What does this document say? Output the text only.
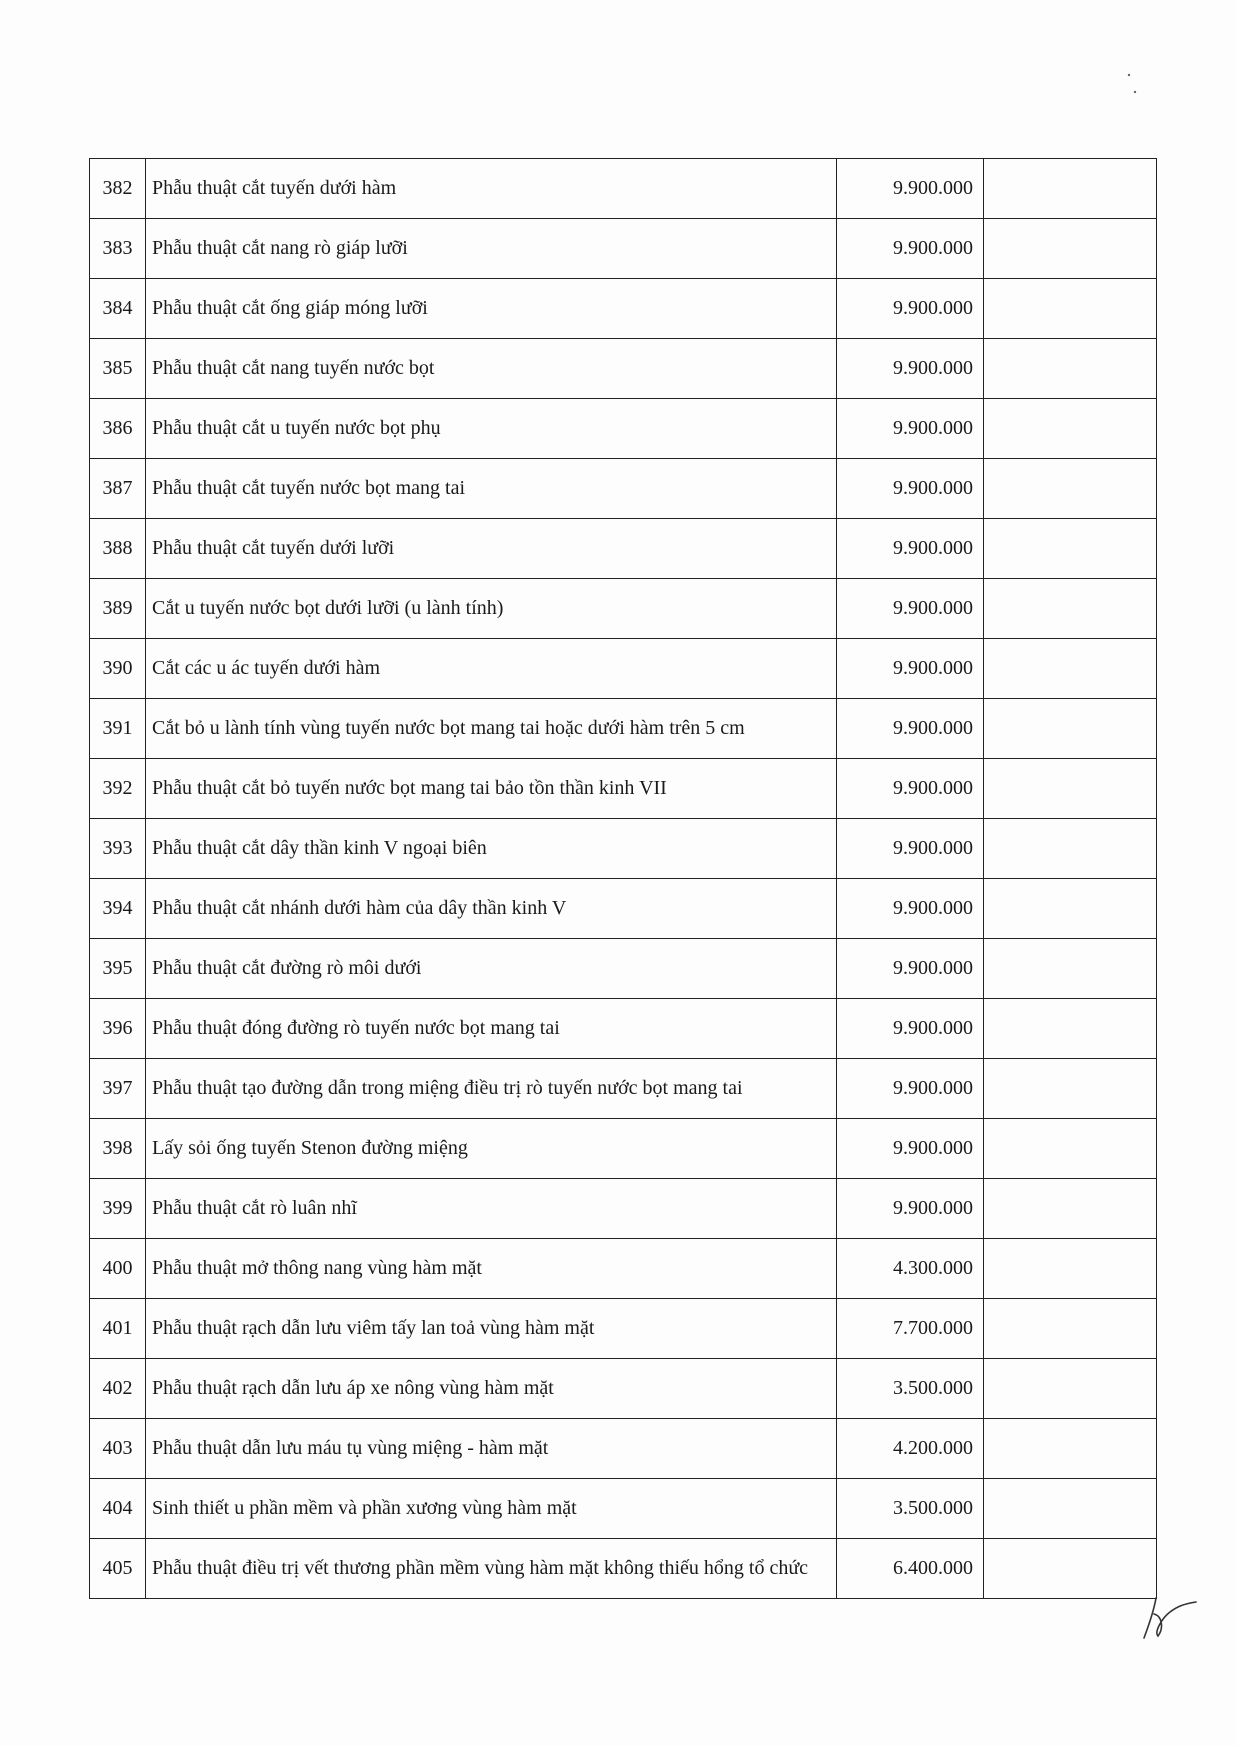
382	Phẫu thuật cắt tuyến dưới hàm	9.900.000	
383	Phẫu thuật cắt nang rò giáp lưỡi	9.900.000	
384	Phẫu thuật cắt ống giáp móng lưỡi	9.900.000	
385	Phẫu thuật cắt nang tuyến nước bọt	9.900.000	
386	Phẫu thuật cắt u tuyến nước bọt phụ	9.900.000	
387	Phẫu thuật cắt tuyến nước bọt mang tai	9.900.000	
388	Phẫu thuật cắt tuyến dưới lưỡi	9.900.000	
389	Cắt u tuyến nước bọt dưới lưỡi (u lành tính)	9.900.000	
390	Cắt các u ác tuyến dưới hàm	9.900.000	
391	Cắt bỏ u lành tính vùng tuyến nước bọt mang tai hoặc dưới hàm trên 5 cm	9.900.000	
392	Phẫu thuật cắt bỏ tuyến nước bọt mang tai bảo tồn thần kinh VII	9.900.000	
393	Phẫu thuật cắt dây thần kinh V ngoại biên	9.900.000	
394	Phẫu thuật cắt nhánh dưới hàm của dây thần kinh V	9.900.000	
395	Phẫu thuật cắt đường rò môi dưới	9.900.000	
396	Phẫu thuật đóng đường rò tuyến nước bọt mang tai	9.900.000	
397	Phẫu thuật tạo đường dẫn trong miệng điều trị rò tuyến nước bọt mang tai	9.900.000	
398	Lấy sỏi ống tuyến Stenon đường miệng	9.900.000	
399	Phẫu thuật cắt rò luân nhĩ	9.900.000	
400	Phẫu thuật mở thông nang vùng hàm mặt	4.300.000	
401	Phẫu thuật rạch dẫn lưu viêm tấy lan toả vùng hàm mặt	7.700.000	
402	Phẫu thuật rạch dẫn lưu áp xe nông vùng hàm mặt	3.500.000	
403	Phẫu thuật dẫn lưu máu tụ vùng miệng - hàm mặt	4.200.000	
404	Sinh thiết u phần mềm và phần xương vùng hàm mặt	3.500.000	
405	Phẫu thuật điều trị vết thương phần mềm vùng hàm mặt không thiếu hổng tổ chức	6.400.000	
